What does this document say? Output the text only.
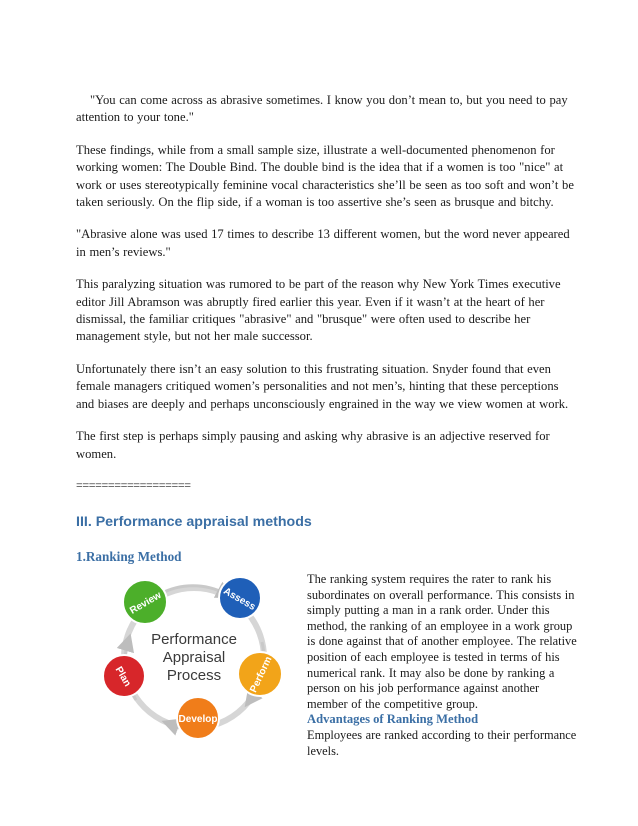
"You can come across as abrasive sometimes. I know you don’t mean to, but you need to pay attention to your tone."

These findings, while from a small sample size, illustrate a well-documented phenomenon for working women: The Double Bind. The double bind is the idea that if a women is too "nice" at work or uses stereotypically feminine vocal characteristics she’ll be seen as too soft and won’t be taken seriously. On the flip side, if a woman is too assertive she’s seen as brusque and bitchy.

"Abrasive alone was used 17 times to describe 13 different women, but the word never appeared in men’s reviews."

This paralyzing situation was rumored to be part of the reason why New York Times executive editor Jill Abramson was abruptly fired earlier this year. Even if it wasn’t at the heart of her dismissal, the familiar critiques "abrasive" and "brusque" were often used to describe her management style, but not her male successor.

Unfortunately there isn’t an easy solution to this frustrating situation. Snyder found that even female managers critiqued women’s personalities and not men’s, hinting that these perceptions and biases are deeply and perhaps unconsciously engrained in the way we view women at work.

The first step is perhaps simply pausing and asking why abrasive is an adjective reserved for women.

==================
III. Performance appraisal methods
1.Ranking Method
Review	Assess
Perform
Develop
Plan
Performance
Appraisal
Process

The ranking system requires the rater to rank his subordinates on overall performance. This consists in simply putting a man in a rank order. Under this method, the ranking of an employee in a work group is done against that of another employee. The relative position of each employee is tested in terms of his numerical rank. It may also be done by ranking a person on his job performance against another member of the competitive group.

Advantages of Ranking Method

Employees are ranked according to their performance levels.
